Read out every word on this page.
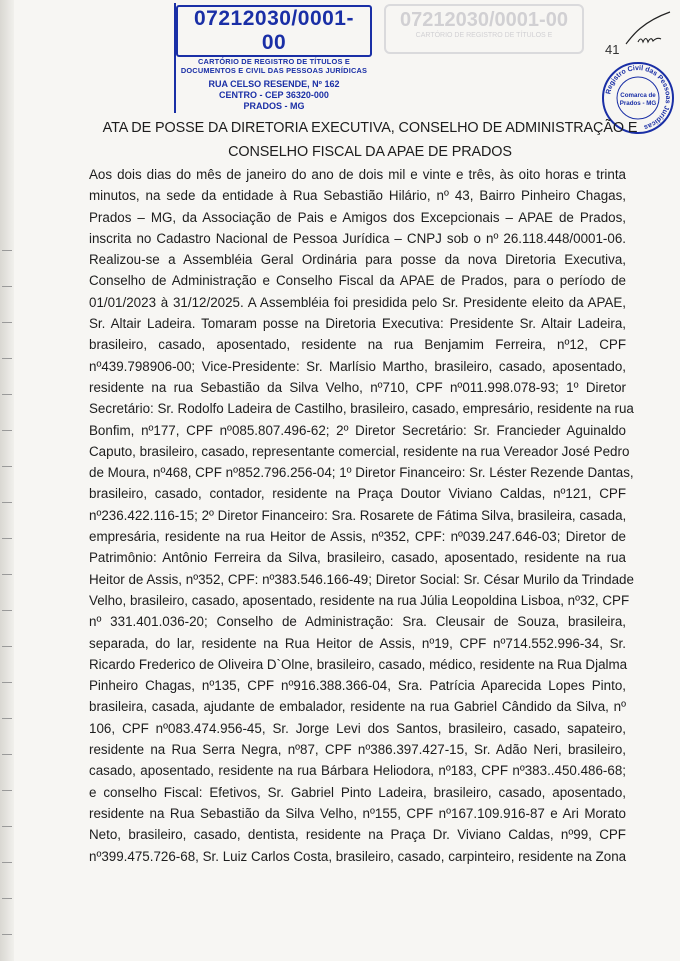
07212030/0001-00
CARTÓRIO DE REGISTRO DE TÍTULOS E
DOCUMENTOS E CIVIL DAS PESSOAS JURÍDICAS
RUA CELSO RESENDE, Nº 162
CENTRO - CEP 36320-000
PRADOS - MG
07212030/0001-00
CARTÓRIO DE REGISTRO DE TÍTULOS E
41
Registro Civil das Pessoas Jurídicas
Comarca de
Prados - MG
ATA DE POSSE DA DIRETORIA EXECUTIVA, CONSELHO DE ADMINISTRAÇÃO E
CONSELHO FISCAL DA APAE DE PRADOS
Aos dois dias do mês de janeiro do ano de dois mil e vinte e três, às oito horas e trinta
minutos, na sede da entidade à Rua Sebastião Hilário, nº 43, Bairro Pinheiro Chagas,
Prados – MG, da Associação de Pais e Amigos dos Excepcionais – APAE de Prados,
inscrita no Cadastro Nacional de Pessoa Jurídica – CNPJ sob o nº 26.118.448/0001-06.
Realizou-se a Assembléia Geral Ordinária para posse da nova Diretoria Executiva,
Conselho de Administração e Conselho Fiscal da APAE de Prados, para o período de
01/01/2023 à 31/12/2025. A Assembléia foi presidida pelo Sr. Presidente eleito da APAE,
Sr. Altair Ladeira. Tomaram posse na Diretoria Executiva: Presidente Sr. Altair Ladeira,
brasileiro, casado, aposentado, residente na rua Benjamim Ferreira, nº12, CPF
nº439.798906-00; Vice-Presidente: Sr. Marlísio Martho, brasileiro, casado, aposentado,
residente na rua Sebastião da Silva Velho, nº710, CPF nº011.998.078-93; 1º Diretor
Secretário: Sr. Rodolfo Ladeira de Castilho, brasileiro, casado, empresário, residente na rua
Bonfim, nº177, CPF nº085.807.496-62; 2º Diretor Secretário: Sr. Francieder Aguinaldo
Caputo, brasileiro, casado, representante comercial, residente na rua Vereador José Pedro
de Moura, nº468, CPF nº852.796.256-04; 1º Diretor Financeiro: Sr. Léster Rezende Dantas,
brasileiro, casado, contador, residente na Praça Doutor Viviano Caldas, nº121, CPF
nº236.422.116-15; 2º Diretor Financeiro: Sra. Rosarete de Fátima Silva, brasileira, casada,
empresária, residente na rua Heitor de Assis, nº352, CPF: nº039.247.646-03; Diretor de
Patrimônio: Antônio Ferreira da Silva, brasileiro, casado, aposentado, residente na rua
Heitor de Assis, nº352, CPF: nº383.546.166-49; Diretor Social: Sr. César Murilo da Trindade
Velho, brasileiro, casado, aposentado, residente na rua Júlia Leopoldina Lisboa, nº32, CPF
nº 331.401.036-20; Conselho de Administração: Sra. Cleusair de Souza, brasileira,
separada, do lar, residente na Rua Heitor de Assis, nº19, CPF nº714.552.996-34, Sr.
Ricardo Frederico de Oliveira D`Olne, brasileiro, casado, médico, residente na Rua Djalma
Pinheiro Chagas, nº135, CPF nº916.388.366-04, Sra. Patrícia Aparecida Lopes Pinto,
brasileira, casada, ajudante de embalador, residente na rua Gabriel Cândido da Silva, nº
106, CPF nº083.474.956-45, Sr. Jorge Levi dos Santos, brasileiro, casado, sapateiro,
residente na Rua Serra Negra, nº87, CPF nº386.397.427-15, Sr. Adão Neri, brasileiro,
casado, aposentado, residente na rua Bárbara Heliodora, nº183, CPF nº383..450.486-68;
e conselho Fiscal: Efetivos, Sr. Gabriel Pinto Ladeira, brasileiro, casado, aposentado,
residente na Rua Sebastião da Silva Velho, nº155, CPF nº167.109.916-87 e Ari Morato
Neto, brasileiro, casado, dentista, residente na Praça Dr. Viviano Caldas, nº99, CPF
nº399.475.726-68, Sr. Luiz Carlos Costa, brasileiro, casado, carpinteiro, residente na Zona
